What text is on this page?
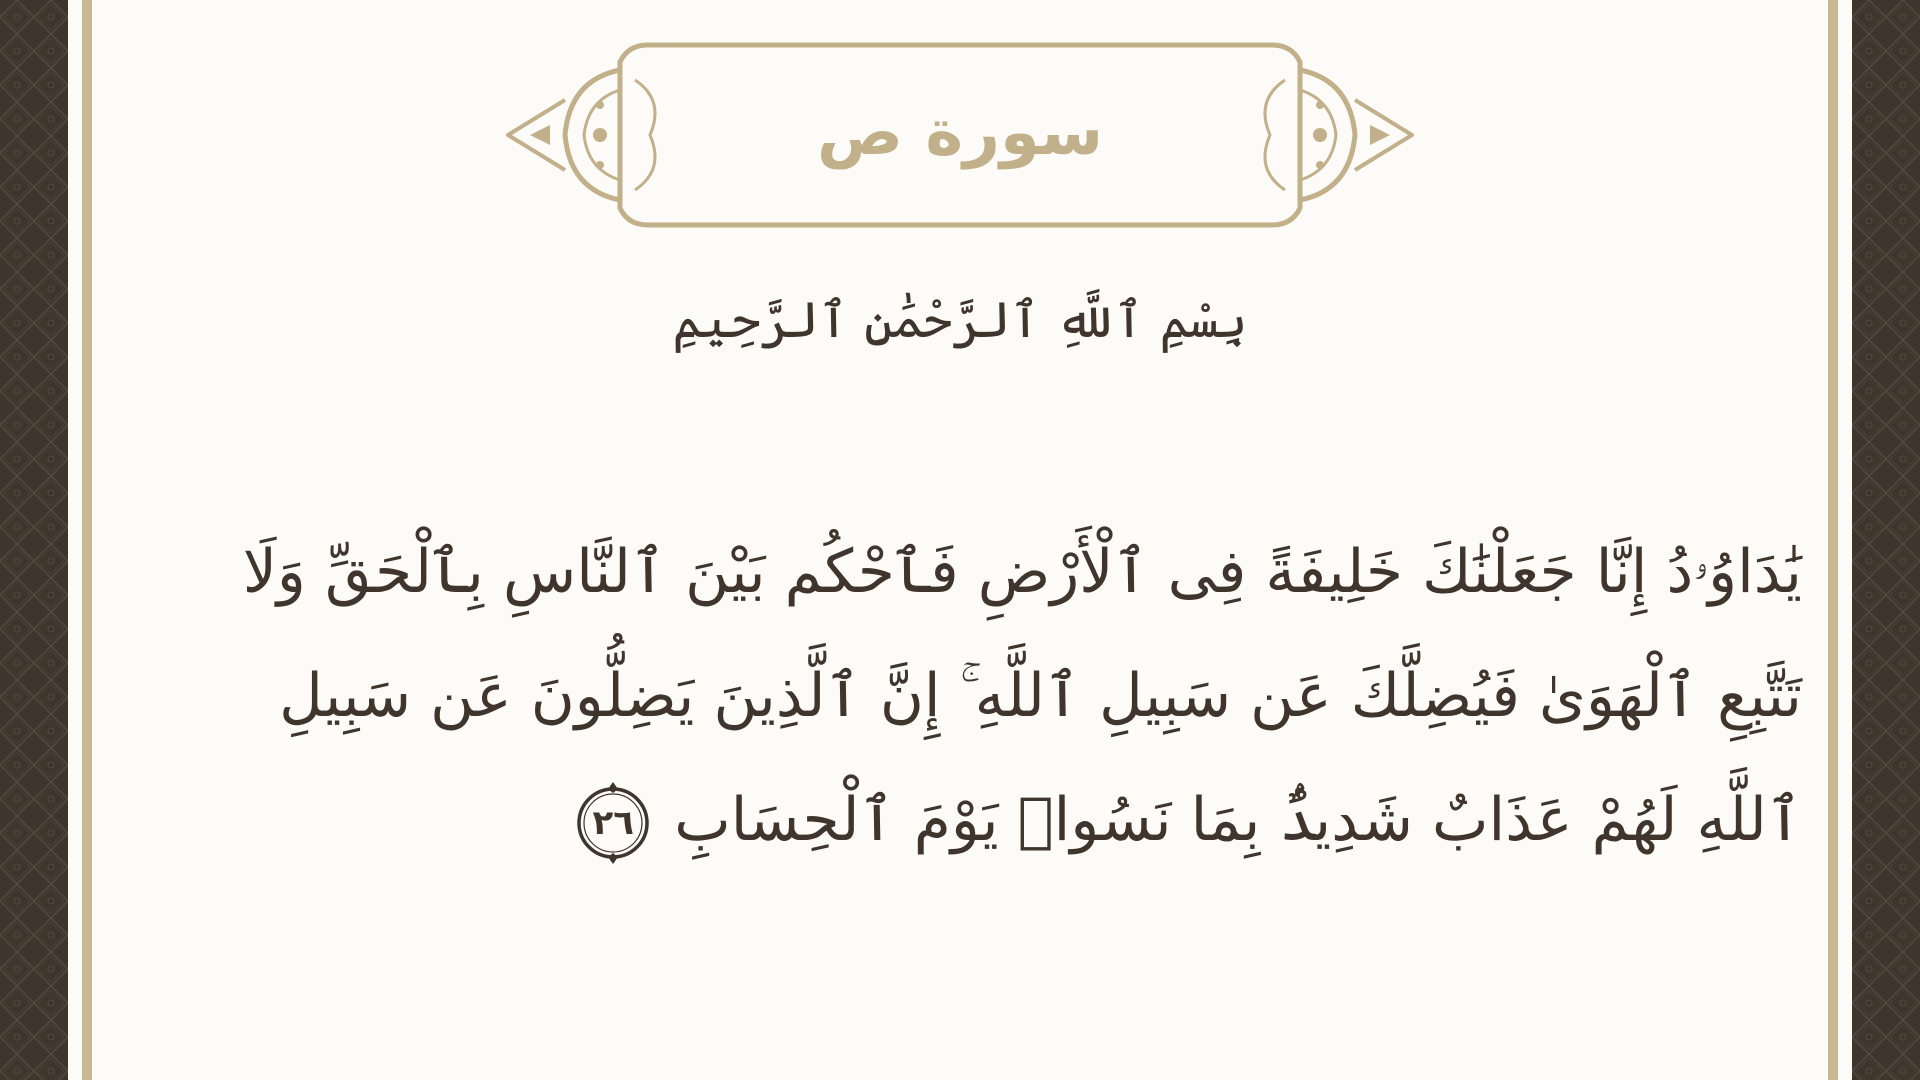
سورة ص
بِسْمِ ٱللَّهِ ٱلرَّحْمَٰنِ ٱلرَّحِيمِ
يَٰدَاوُۥدُ إِنَّا جَعَلْنَٰكَ خَلِيفَةً فِى ٱلْأَرْضِ فَٱحْكُم بَيْنَ ٱلنَّاسِ بِٱلْحَقِّ وَلَا
تَتَّبِعِ ٱلْهَوَىٰ فَيُضِلَّكَ عَن سَبِيلِ ٱللَّهِ ۚ إِنَّ ٱلَّذِينَ يَضِلُّونَ عَن سَبِيلِ
ٱللَّهِ لَهُمْ عَذَابٌ شَدِيدٌۢ بِمَا نَسُوا۟ يَوْمَ ٱلْحِسَابِ
٢٦
